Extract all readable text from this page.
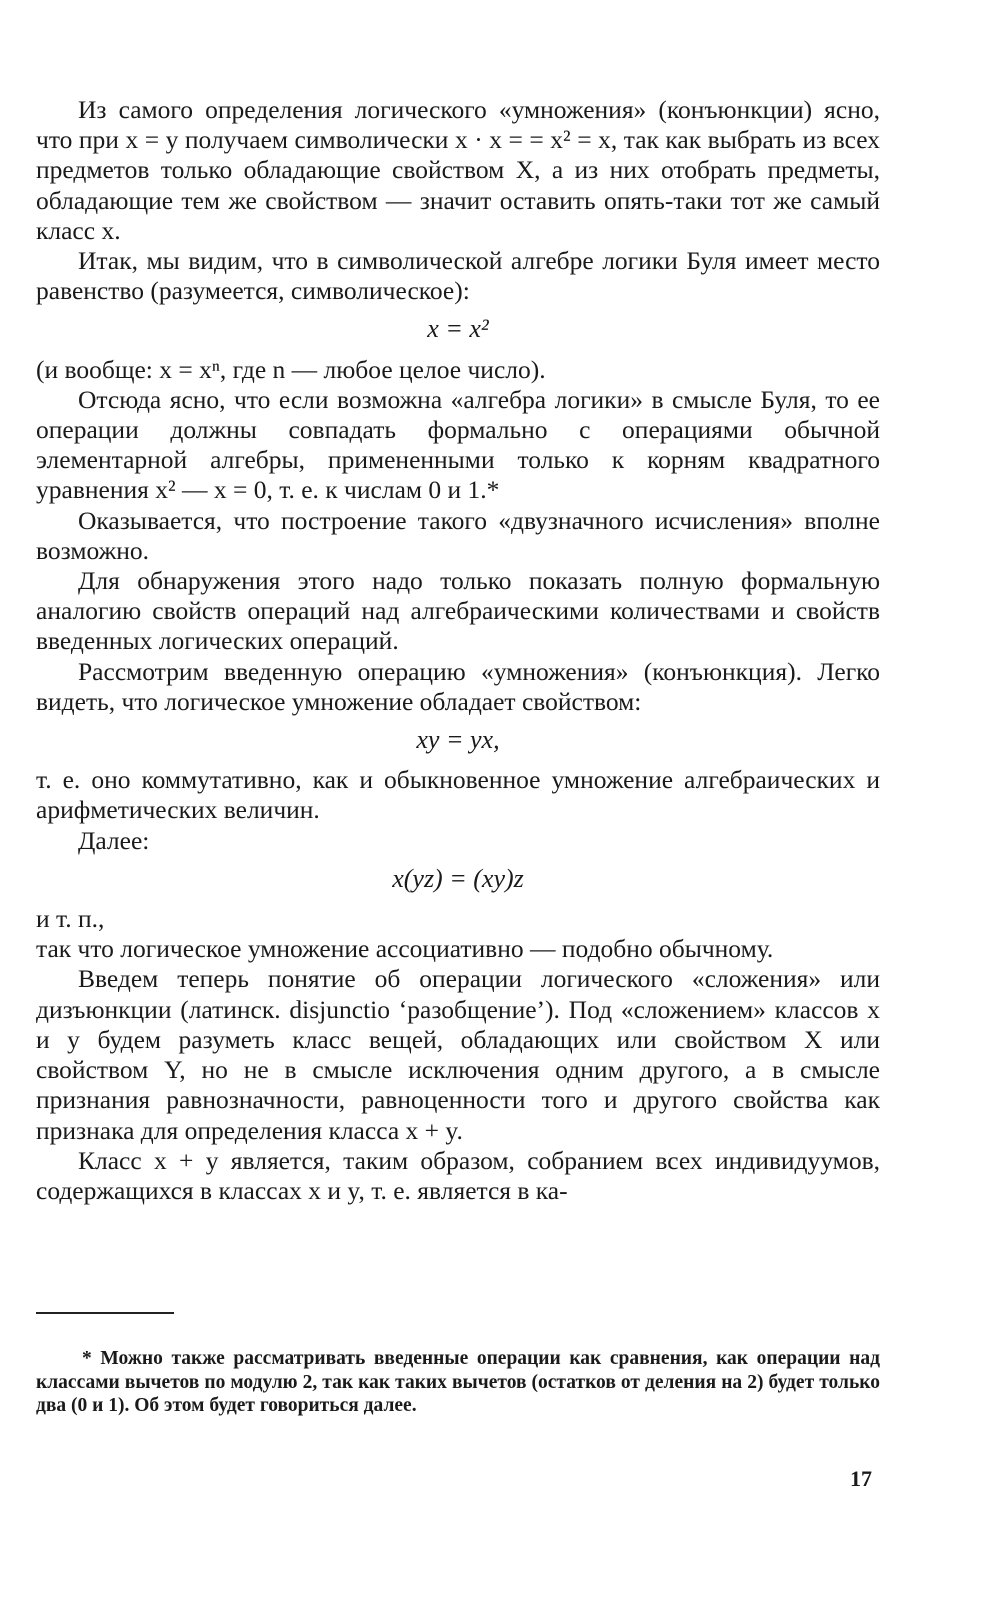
Из самого определения логического «умножения» (конъюнкции) ясно, что при x = y получаем символически x · x = = x² = x, так как выбрать из всех предметов только обладающие свойством X, а из них отобрать предметы, обладающие тем же свойством — значит оставить опять-таки тот же самый класс x.

Итак, мы видим, что в символической алгебре логики Буля имеет место равенство (разумеется, символическое):

x = x²

(и вообще: x = xⁿ, где n — любое целое число).

Отсюда ясно, что если возможна «алгебра логики» в смысле Буля, то ее операции должны совпадать формально с операциями обычной элементарной алгебры, примененными только к корням квадратного уравнения x² — x = 0, т. е. к числам 0 и 1.*

Оказывается, что построение такого «двузначного исчисления» вполне возможно.

Для обнаружения этого надо только показать полную формальную аналогию свойств операций над алгебраическими количествами и свойств введенных логических операций.

Рассмотрим введенную операцию «умножения» (конъюнкция). Легко видеть, что логическое умножение обладает свойством:

xy = yx,

т. е. оно коммутативно, как и обыкновенное умножение алгебраических и арифметических величин.

Далее:

x(yz) = (xy)z

и т. п.,

так что логическое умножение ассоциативно — подобно обычному.

Введем теперь понятие об операции логического «сложения» или дизъюнкции (латинск. disjunctio ‘разобщение’). Под «сложением» классов x и y будем разуметь класс вещей, обладающих или свойством X или свойством Y, но не в смысле исключения одним другого, а в смысле признания равнозначности, равноценности того и другого свойства как признака для определения класса x + y.

Класс x + y является, таким образом, собранием всех индивидуумов, содержащихся в классах x и y, т. е. является в ка-

* Можно также рассматривать введенные операции как сравнения, как операции над классами вычетов по модулю 2, так как таких вычетов (остатков от деления на 2) будет только два (0 и 1). Об этом будет говориться далее.
17
